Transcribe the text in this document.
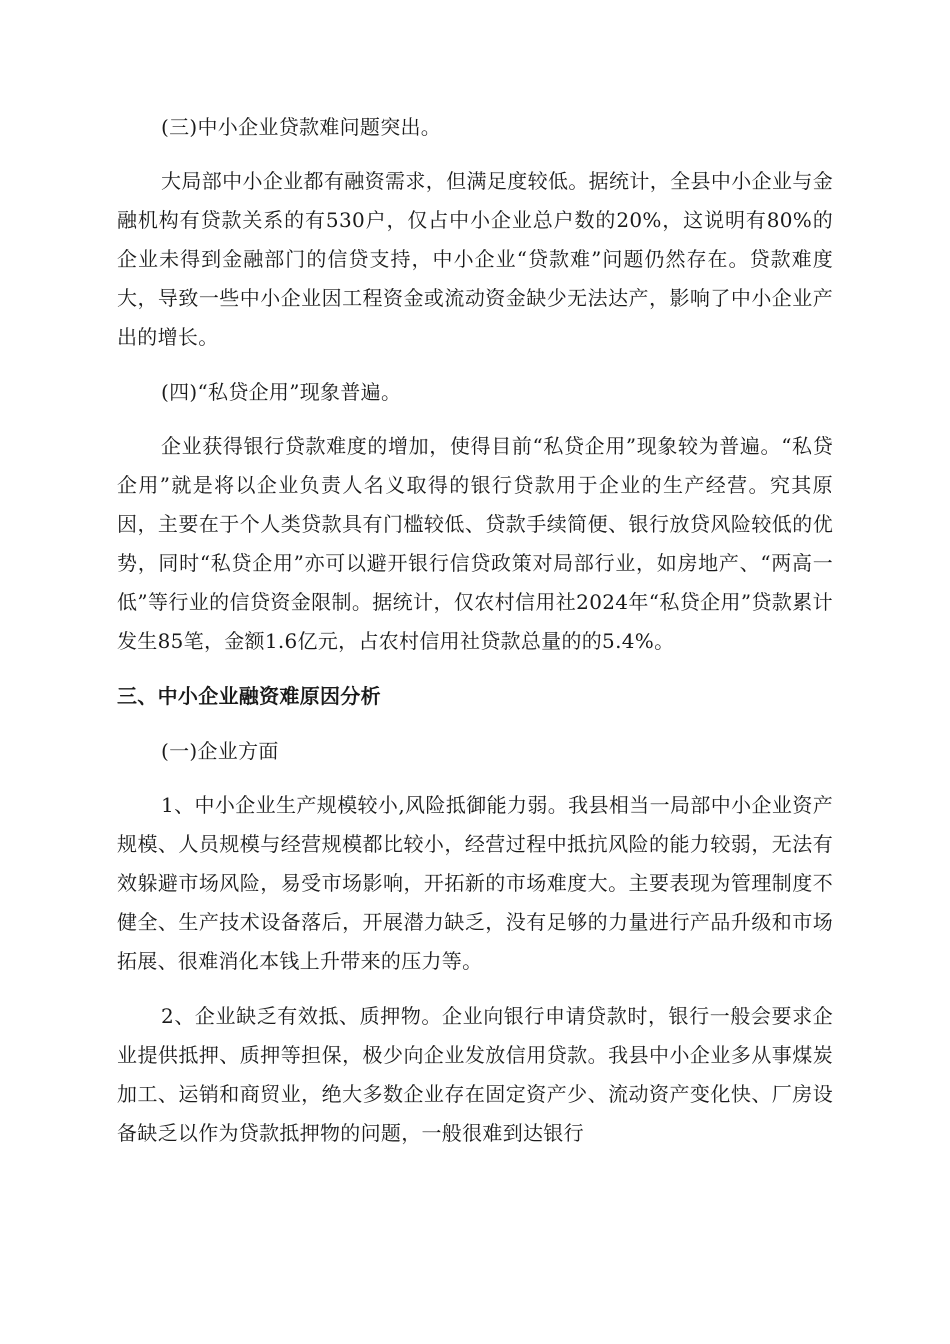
(三)中小企业贷款难问题突出。

大局部中小企业都有融资需求，但满足度较低。据统计，全县中小企业与金融机构有贷款关系的有530户，仅占中小企业总户数的20%，这说明有80%的企业未得到金融部门的信贷支持，中小企业“贷款难”问题仍然存在。贷款难度大，导致一些中小企业因工程资金或流动资金缺少无法达产，影响了中小企业产出的增长。

(四)“私贷企用”现象普遍。

企业获得银行贷款难度的增加，使得目前“私贷企用”现象较为普遍。“私贷企用”就是将以企业负责人名义取得的银行贷款用于企业的生产经营。究其原因，主要在于个人类贷款具有门槛较低、贷款手续简便、银行放贷风险较低的优势，同时“私贷企用”亦可以避开银行信贷政策对局部行业，如房地产、“两高一低”等行业的信贷资金限制。据统计，仅农村信用社2024年“私贷企用”贷款累计发生85笔，金额1.6亿元，占农村信用社贷款总量的的5.4%。

三、中小企业融资难原因分析

(一)企业方面

1、中小企业生产规模较小,风险抵御能力弱。我县相当一局部中小企业资产规模、人员规模与经营规模都比较小，经营过程中抵抗风险的能力较弱，无法有效躲避市场风险，易受市场影响，开拓新的市场难度大。主要表现为管理制度不健全、生产技术设备落后，开展潜力缺乏，没有足够的力量进行产品升级和市场拓展、很难消化本钱上升带来的压力等。

2、企业缺乏有效抵、质押物。企业向银行申请贷款时，银行一般会要求企业提供抵押、质押等担保，极少向企业发放信用贷款。我县中小企业多从事煤炭加工、运销和商贸业，绝大多数企业存在固定资产少、流动资产变化快、厂房设备缺乏以作为贷款抵押物的问题，一般很难到达银行
